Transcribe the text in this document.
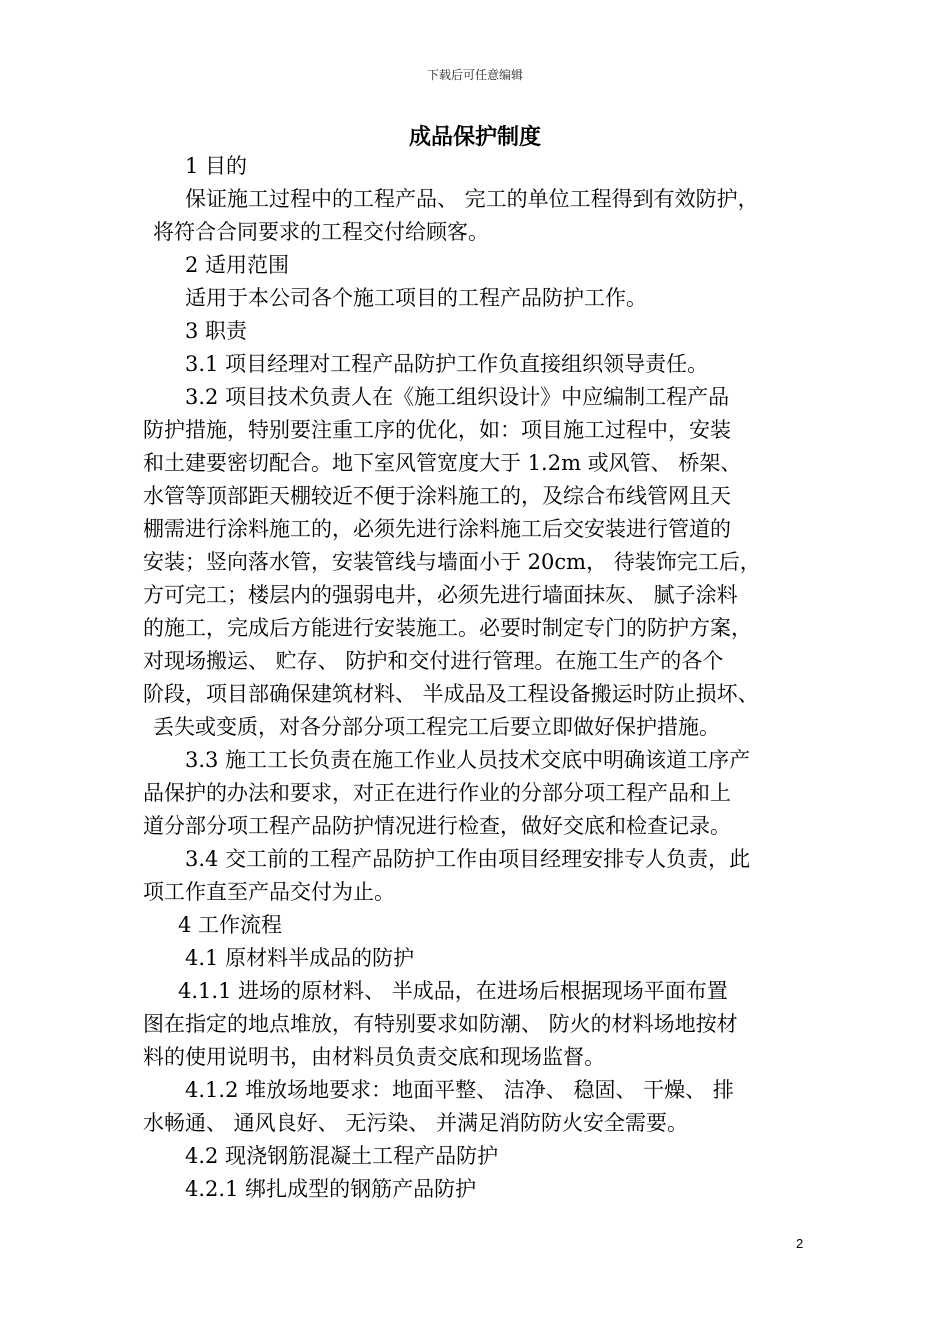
下载后可任意编辑
成品保护制度
1 目的
保证施工过程中的工程产品、 完工的单位工程得到有效防护，
将符合合同要求的工程交付给顾客。
2 适用范围
适用于本公司各个施工项目的工程产品防护工作。
3 职责
3.1 项目经理对工程产品防护工作负直接组织领导责任。
3.2 项目技术负责人在《施工组织设计》中应编制工程产品
防护措施，特别要注重工序的优化，如：项目施工过程中，安装
和土建要密切配合。地下室风管宽度大于 1.2m 或风管、 桥架、
水管等顶部距天棚较近不便于涂料施工的，及综合布线管网且天
棚需进行涂料施工的，必须先进行涂料施工后交安装进行管道的
安装；竖向落水管，安装管线与墙面小于 20cm， 待装饰完工后，
方可完工；楼层内的强弱电井，必须先进行墙面抹灰、 腻子涂料
的施工，完成后方能进行安装施工。必要时制定专门的防护方案，
对现场搬运、 贮存、 防护和交付进行管理。在施工生产的各个
阶段，项目部确保建筑材料、 半成品及工程设备搬运时防止损坏、
丢失或变质，对各分部分项工程完工后要立即做好保护措施。
3.3 施工工长负责在施工作业人员技术交底中明确该道工序产
品保护的办法和要求，对正在进行作业的分部分项工程产品和上
道分部分项工程产品防护情况进行检查，做好交底和检查记录。
3.4 交工前的工程产品防护工作由项目经理安排专人负责，此
项工作直至产品交付为止。
4 工作流程
4.1 原材料半成品的防护
4.1.1 进场的原材料、 半成品，在进场后根据现场平面布置
图在指定的地点堆放，有特别要求如防潮、 防火的材料场地按材
料的使用说明书，由材料员负责交底和现场监督。
4.1.2 堆放场地要求：地面平整、 洁净、 稳固、 干燥、 排
水畅通、 通风良好、 无污染、 并满足消防防火安全需要。
4.2 现浇钢筋混凝土工程产品防护
4.2.1 绑扎成型的钢筋产品防护
2
